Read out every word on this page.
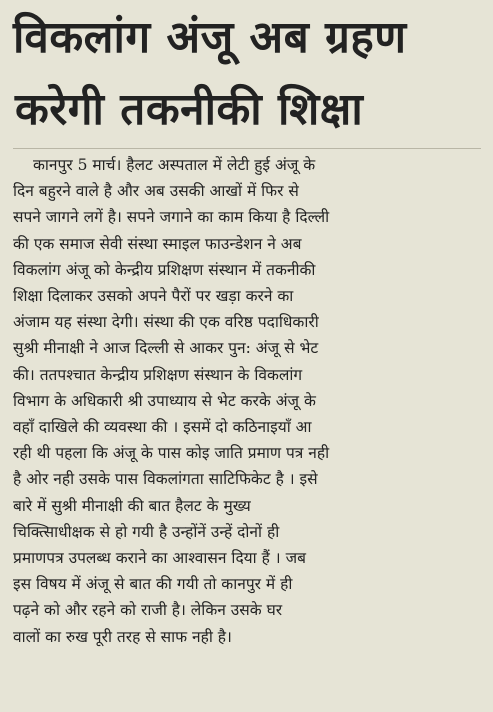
विकलांग अंजू अब ग्रहण
करेगी तकनीकी शिक्षा

कानपुर 5 मार्च। हैलट अस्पताल में लेटी हुई अंजू के
दिन बहुरने वाले है और अब उसकी आखों में फिर से
सपने जागने लगें है। सपने जगाने का काम किया है दिल्ली
की एक समाज सेवी संस्था स्माइल फाउन्डेशन ने अब
विकलांग अंजू को केन्द्रीय प्रशिक्षण संस्थान में तकनीकी
शिक्षा दिलाकर उसको अपने पैरों पर खड़ा करने का
अंजाम यह संस्था देगी। संस्था की एक वरिष्ठ पदाधिकारी
सुश्री मीनाक्षी ने आज दिल्ली से आकर पुन: अंजू से भेट
की। ततपश्चात केन्द्रीय प्रशिक्षण संस्थान के विकलांग
विभाग के अधिकारी श्री उपाध्याय से भेट करके अंजू के
वहाँ दाखिले की व्यवस्था की । इसमें दो कठिनाइयाँ आ
रही थी पहला कि अंजू के पास कोइ जाति प्रमाण पत्र नही
है ओर नही उसके पास विकलांगता साटिफिकेट है । इसे
बारे में सुश्री मीनाक्षी की बात हैलट के मुख्य
चिक्त्सिाधीक्षक से हो गयी है उन्होंनें उन्हें दोनों ही
प्रमाणपत्र उपलब्ध कराने का आश्वासन दिया हैं । जब
इस विषय में अंजू से बात की गयी तो कानपुर में ही
पढ़ने को और रहने को राजी है। लेकिन उसके घर
वालों का रुख पूरी तरह से साफ नही है।
